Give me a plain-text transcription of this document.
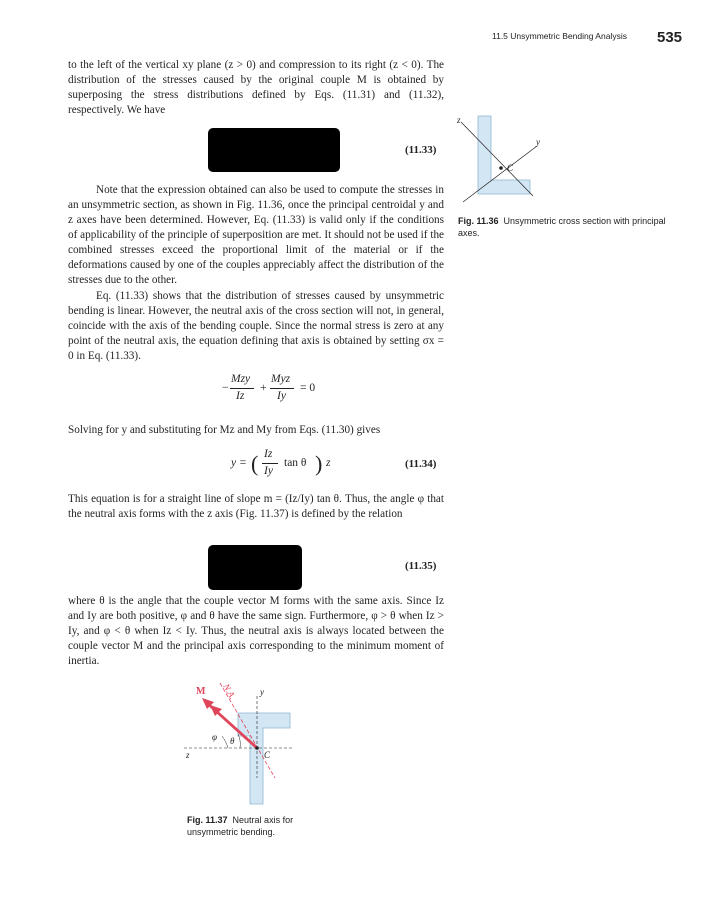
11.5 Unsymmetric Bending Analysis 535

to the left of the vertical xy plane (z > 0) and compression to its right (z < 0). The distribution of the stresses caused by the original couple M is obtained by superposing the stress distributions defined by Eqs. (11.31) and (11.32), respectively. We have

(11.33)

Note that the expression obtained can also be used to compute the stresses in an unsymmetric section, as shown in Fig. 11.36, once the principal centroidal y and z axes have been determined. However, Eq. (11.33) is valid only if the conditions of applicability of the principle of superposition are met. It should not be used if the combined stresses exceed the proportional limit of the material or if the deformations caused by one of the couples appreciably affect the distribution of the stresses due to the other.

Eq. (11.33) shows that the distribution of stresses caused by unsymmetric bending is linear. However, the neutral axis of the cross section will not, in general, coincide with the axis of the bending couple. Since the normal stress is zero at any point of the neutral axis, the equation defining that axis is obtained by setting σx = 0 in Eq. (11.33).

−
Mzy
Iz
+
Myz
Iy
= 0

Solving for y and substituting for Mz and My from Eqs. (11.30) gives

y = ( Iz
Iy
tan θ ) z	(11.34)

This equation is for a straight line of slope m = (Iz/Iy) tan θ. Thus, the angle φ that the neutral axis forms with the z axis (Fig. 11.37) is defined by the relation

(11.35)

where θ is the angle that the couple vector M forms with the same axis. Since Iz and Iy are both positive, φ and θ have the same sign. Furthermore, φ > θ when Iz > Iy, and φ < θ when Iz < Iy. Thus, the neutral axis is always located between the couple vector M and the principal axis corresponding to the minimum moment of inertia.

z
y
C
Fig. 11.36 Unsymmetric cross section with principal axes.
M N.A. y
z
φ θ
C
Fig. 11.37 Neutral axis for unsymmetric bending.
